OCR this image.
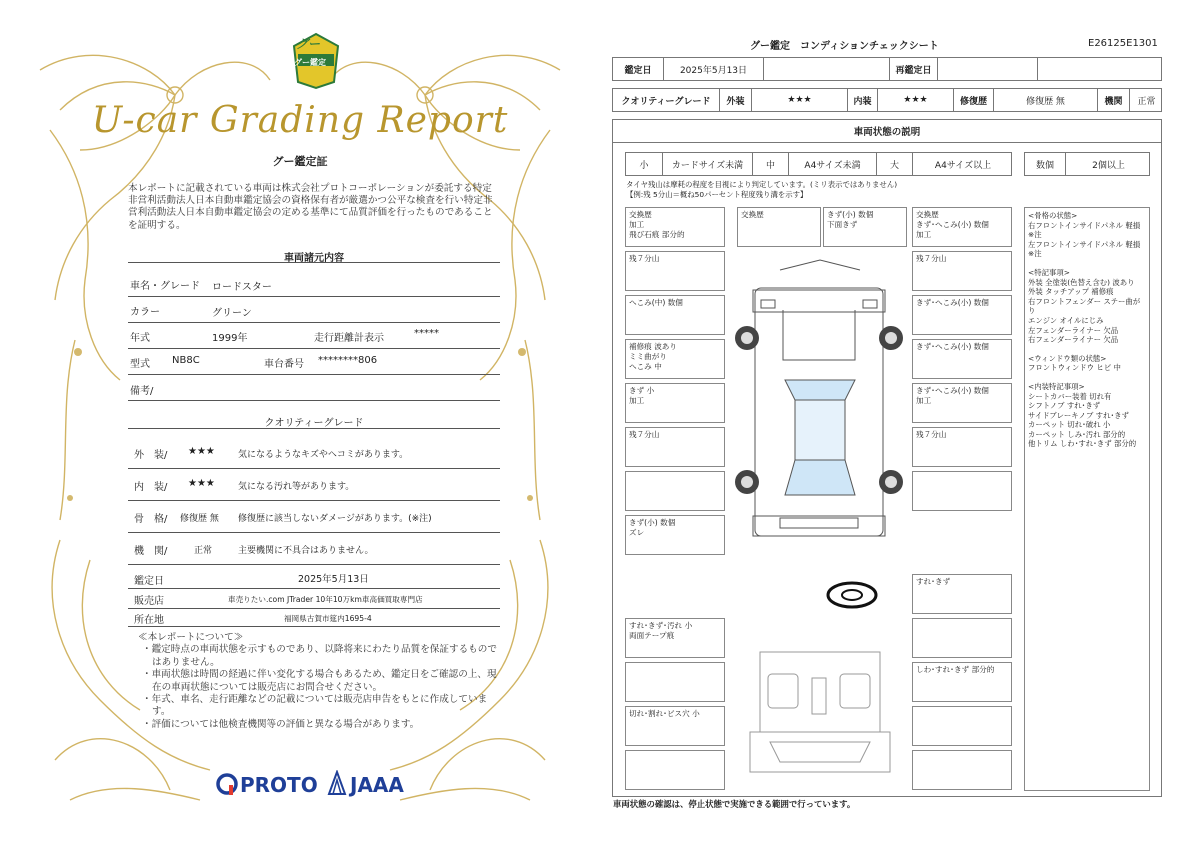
グー
グー鑑定
U-car Grading Report
グー鑑定証
本レポートに記載されている車両は株式会社プロトコーポレーションが委託する特定非営利活動法人日本自動車鑑定協会の資格保有者が厳選かつ公平な検査を行い特定非営利活動法人日本自動車鑑定協会の定める基準にて品質評価を行ったものであることを証明する。
車両諸元内容
車名・グレード ロードスター
カラー	グリーン
年式	1999年	走行距離計表示	*****
型式 NB8C	車台番号 ********806
備考/
クオリティーグレード
外　装/ ★★★	気になるようなキズやヘコミがあります。
内　装/ ★★★	気になる汚れ等があります。
骨　格/ 修復歴 無 修復歴に該当しないダメージがあります。(※注)
機　関/	正常	主要機関に不具合はありません。
鑑定日	2025年5月13日
販売店	車売りたい.com JTrader 10年10万km車高価買取専門店
所在地	福岡県古賀市筵内1695-4
≪本レポートについて≫
・鑑定時点の車両状態を示すものであり、以降将来にわたり品質を保証するものではありません。
・車両状態は時間の経過に伴い変化する場合もあるため、鑑定日をご確認の上、現在の車両状態については販売店にお問合せください。
・年式、車名、走行距離などの記載については販売店申告をもとに作成しています。
・評価については他検査機関等の評価と異なる場合があります。
PROTO JAAA
グー鑑定　コンディションチェックシート	E26125E1301
鑑定日	2025年5月13日	再鑑定日
クオリティーグレード	外装	★★★	内装	★★★	修復歴	修復歴 無	機関	正常
車両状態の説明
小	カードサイズ未満	中	A4サイズ未満	大	A4サイズ以上	数個	2個以上
タイヤ残山は摩耗の程度を目視により判定しています。(ミリ表示ではありません)
【例:残 5分山＝概ね50パーセント程度残り溝を示す】
交換歴
加工
飛び石痕 部分的
残７分山
へこみ(中) 数個
補修痕 波あり
ミミ曲がり
へこみ 中
きず 小
加工
残７分山
きず(小) 数個
ズレ
交換歴	きず(小) 数個
下面きず
交換歴
きず･へこみ(小) 数個
加工
残７分山
きず･へこみ(小) 数個
きず･へこみ(小) 数個
きず･へこみ(小) 数個
加工
残７分山
すれ･きず･汚れ 小
両面テープ痕
切れ･割れ･ビス穴 小
すれ･きず
しわ･すれ･きず 部分的
<骨格の状態>
右フロントインサイドパネル 軽損
※注
左フロントインサイドパネル 軽損
※注
<特記事項>
外装 全塗装(色替え含む) 波あり
外装 タッチアップ 補修痕
右フロントフェンダー ステー曲がり
エンジン オイルにじみ
左フェンダーライナー 欠品
右フェンダーライナー 欠品
<ウィンドウ類の状態>
フロントウィンドウ ヒビ 中
<内装特記事項>
シートカバー装着 切れ有
シフトノブ すれ･きず
サイドブレーキノブ すれ･きず
カーペット 切れ･破れ 小
カーペット しみ･汚れ 部分的
他トリム しわ･すれ･きず 部分的
車両状態の確認は、停止状態で実施できる範囲で行っています。
